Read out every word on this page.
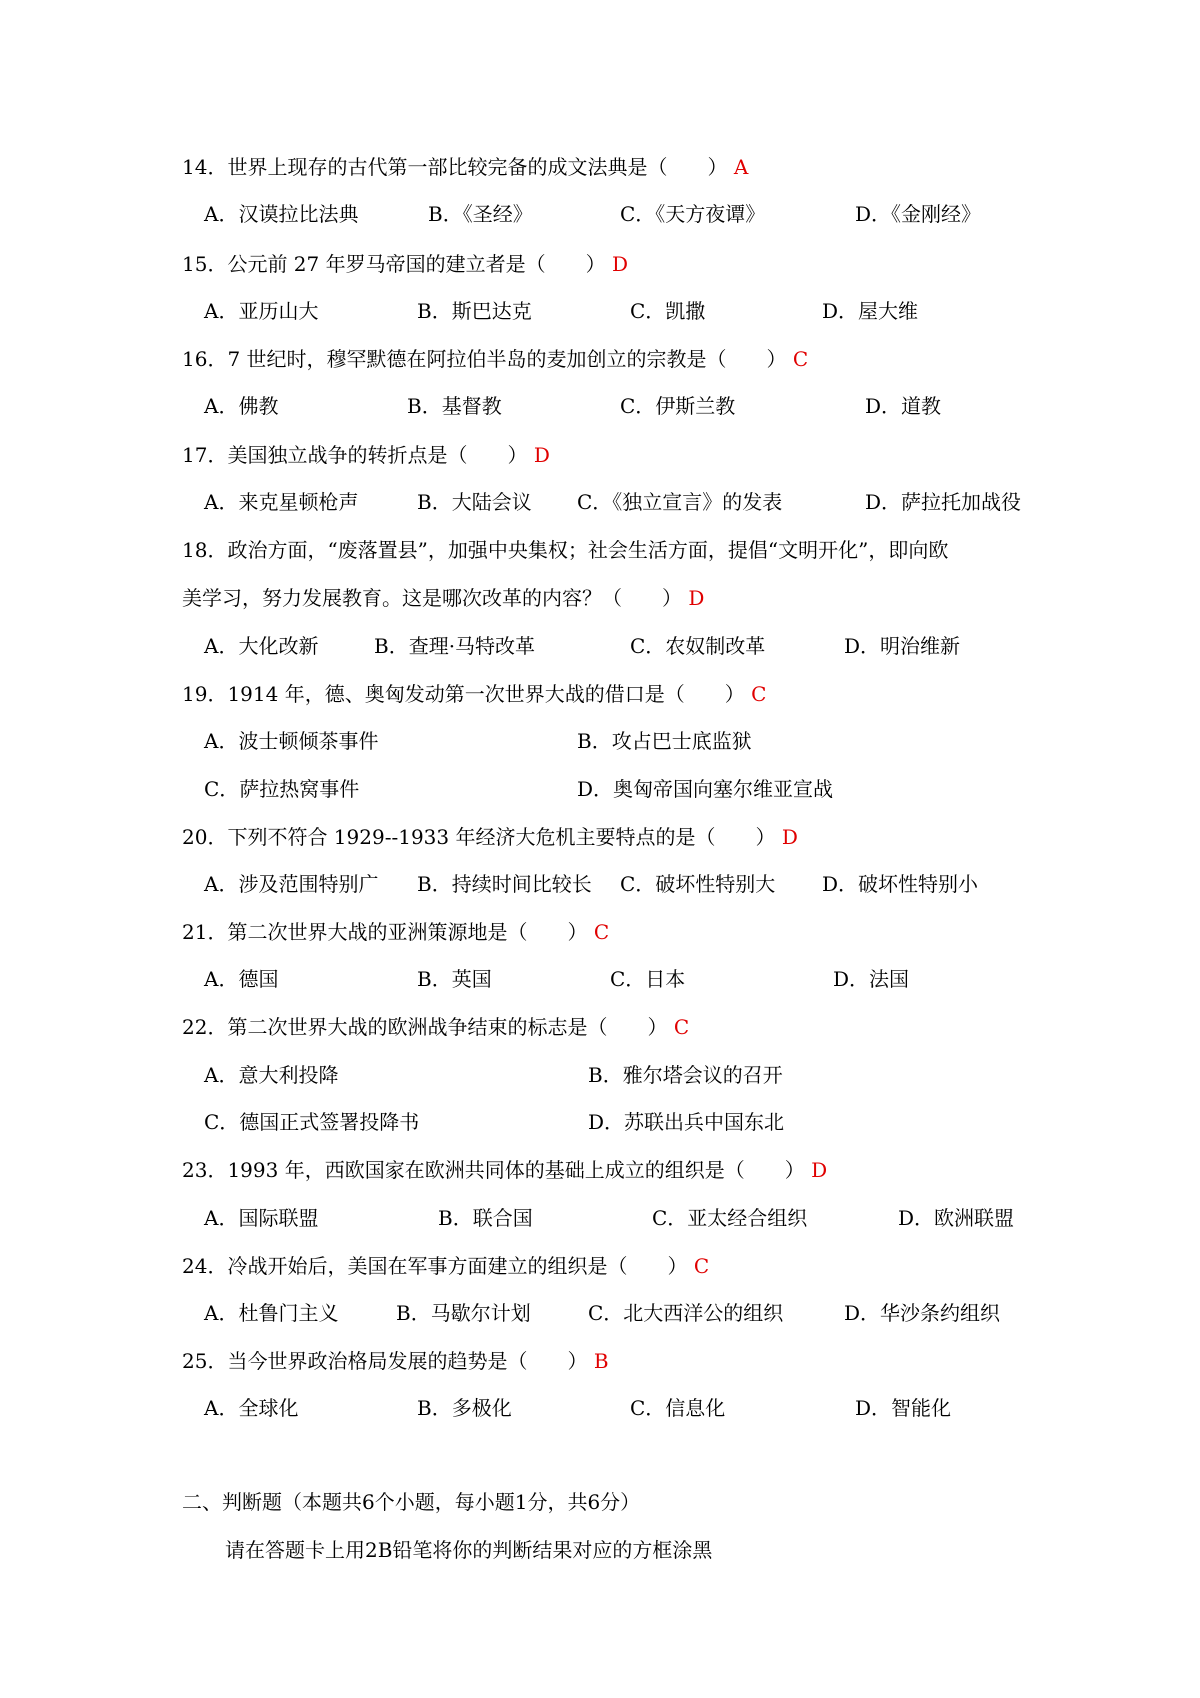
14．世界上现存的古代第一部比较完备的成文法典是（　　） A
A．汉谟拉比法典	B．《圣经》	C．《天方夜谭》	D．《金刚经》
15．公元前 27 年罗马帝国的建立者是（　　） D
A．亚历山大	B．斯巴达克	C．凯撒	D．屋大维
16．7 世纪时，穆罕默德在阿拉伯半岛的麦加创立的宗教是（　　） C
A．佛教	B．基督教	C．伊斯兰教	D．道教
17．美国独立战争的转折点是（　　） D
A．来克星顿枪声	B．大陆会议 C．《独立宣言》的发表	D．萨拉托加战役
18．政治方面，“废落置县”，加强中央集权；社会生活方面，提倡“文明开化”，即向欧
美学习，努力发展教育。这是哪次改革的内容？（　　） D
A．大化改新	B．查理·马特改革	C．农奴制改革	D．明治维新
19．1914 年，德、奥匈发动第一次世界大战的借口是（　　） C
A．波士顿倾茶事件	B．攻占巴士底监狱
C．萨拉热窝事件	D．奥匈帝国向塞尔维亚宣战
20．下列不符合 1929--1933 年经济大危机主要特点的是（　　） D
A．涉及范围特别广 B．持续时间比较长 C．破坏性特别大 D．破坏性特别小
21．第二次世界大战的亚洲策源地是（　　） C
A．德国	B．英国	C．日本	D．法国
22．第二次世界大战的欧洲战争结束的标志是（　　） C
A．意大利投降	B．雅尔塔会议的召开
C．德国正式签署投降书	D．苏联出兵中国东北
23．1993 年，西欧国家在欧洲共同体的基础上成立的组织是（　　） D
A．国际联盟	B．联合国	C．亚太经合组织	D．欧洲联盟
24．冷战开始后，美国在军事方面建立的组织是（　　） C
A．杜鲁门主义	B．马歇尔计划	C．北大西洋公的组织	D．华沙条约组织
25．当今世界政治格局发展的趋势是（　　） B
A．全球化	B．多极化	C．信息化	D．智能化
二、判断题（本题共6个小题，每小题1分，共6分）
请在答题卡上用2B铅笔将你的判断结果对应的方框涂黑
